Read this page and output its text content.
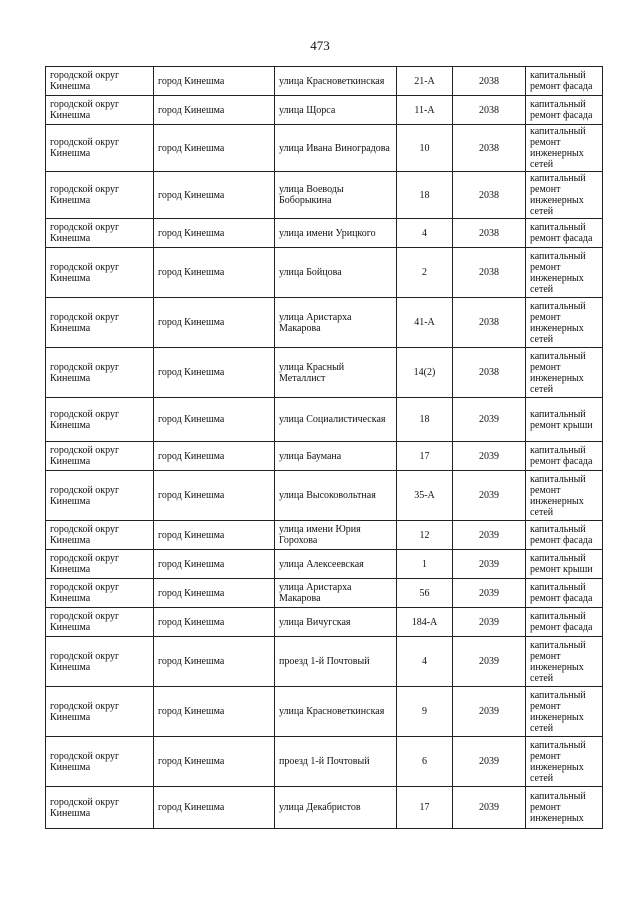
473
городской округ Кинешма	город Кинешма	улица Красноветкинская	21-А	2038	капитальный ремонт фасада
городской округ Кинешма	город Кинешма	улица Щорса	11-А	2038	капитальный ремонт фасада
городской округ Кинешма	город Кинешма	улица Ивана Виноградова	10	2038	капитальный ремонт инженерных сетей
городской округ Кинешма	город Кинешма	улица Воеводы Боборыкина	18	2038	капитальный ремонт инженерных сетей
городской округ Кинешма	город Кинешма	улица имени Урицкого	4	2038	капитальный ремонт фасада
городской округ Кинешма	город Кинешма	улица Бойцова	2	2038	капитальный ремонт инженерных сетей
городской округ Кинешма	город Кинешма	улица Аристарха Макарова	41-А	2038	капитальный ремонт инженерных сетей
городской округ Кинешма	город Кинешма	улица Красный Металлист	14(2)	2038	капитальный ремонт инженерных сетей
городской округ Кинешма	город Кинешма	улица Социалистическая	18	2039	капитальный ремонт крыши
городской округ Кинешма	город Кинешма	улица Баумана	17	2039	капитальный ремонт фасада
городской округ Кинешма	город Кинешма	улица Высоковольтная	35-А	2039	капитальный ремонт инженерных сетей
городской округ Кинешма	город Кинешма	улица имени Юрия Горохова	12	2039	капитальный ремонт фасада
городской округ Кинешма	город Кинешма	улица Алексеевская	1	2039	капитальный ремонт крыши
городской округ Кинешма	город Кинешма	улица Аристарха Макарова	56	2039	капитальный ремонт фасада
городской округ Кинешма	город Кинешма	улица Вичугская	184-А	2039	капитальный ремонт фасада
городской округ Кинешма	город Кинешма	проезд 1-й Почтовый	4	2039	капитальный ремонт инженерных сетей
городской округ Кинешма	город Кинешма	улица Красноветкинская	9	2039	капитальный ремонт инженерных сетей
городской округ Кинешма	город Кинешма	проезд 1-й Почтовый	6	2039	капитальный ремонт инженерных сетей
городской округ Кинешма	город Кинешма	улица Декабристов	17	2039	капитальный ремонт инженерных
